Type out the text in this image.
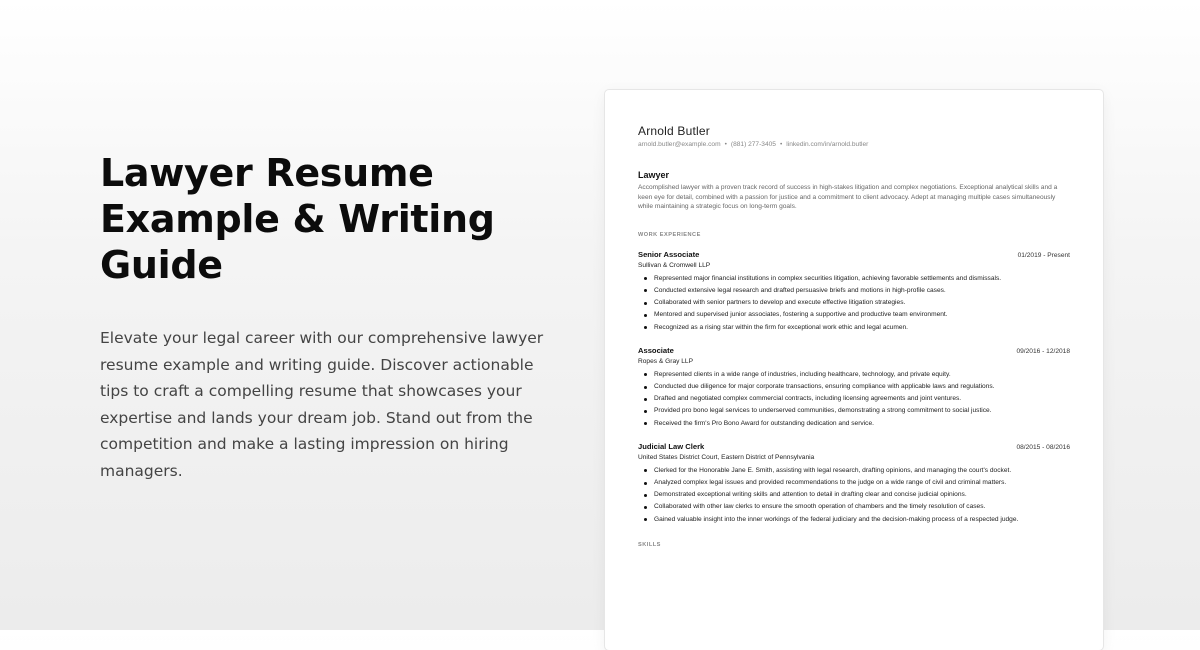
Lawyer Resume Example & Writing Guide

Elevate your legal career with our comprehensive lawyer resume example and writing guide. Discover actionable tips to craft a compelling resume that showcases your expertise and lands your dream job. Stand out from the competition and make a lasting impression on hiring managers.

Arnold Butler
arnold.butler@example.com • (881) 277-3405 • linkedin.com/in/arnold.butler
Lawyer
Accomplished lawyer with a proven track record of success in high-stakes litigation and complex negotiations. Exceptional analytical skills and a keen eye for detail, combined with a passion for justice and a commitment to client advocacy. Adept at managing multiple cases simultaneously while maintaining a strategic focus on long-term goals.
WORK EXPERIENCE
Senior Associate	01/2019 - Present
Sullivan & Cromwell LLP
Represented major financial institutions in complex securities litigation, achieving favorable settlements and dismissals.
Conducted extensive legal research and drafted persuasive briefs and motions in high-profile cases.
Collaborated with senior partners to develop and execute effective litigation strategies.
Mentored and supervised junior associates, fostering a supportive and productive team environment.
Recognized as a rising star within the firm for exceptional work ethic and legal acumen.
Associate	09/2016 - 12/2018
Ropes & Gray LLP
Represented clients in a wide range of industries, including healthcare, technology, and private equity.
Conducted due diligence for major corporate transactions, ensuring compliance with applicable laws and regulations.
Drafted and negotiated complex commercial contracts, including licensing agreements and joint ventures.
Provided pro bono legal services to underserved communities, demonstrating a strong commitment to social justice.
Received the firm's Pro Bono Award for outstanding dedication and service.
Judicial Law Clerk	08/2015 - 08/2016
United States District Court, Eastern District of Pennsylvania
Clerked for the Honorable Jane E. Smith, assisting with legal research, drafting opinions, and managing the court's docket.
Analyzed complex legal issues and provided recommendations to the judge on a wide range of civil and criminal matters.
Demonstrated exceptional writing skills and attention to detail in drafting clear and concise judicial opinions.
Collaborated with other law clerks to ensure the smooth operation of chambers and the timely resolution of cases.
Gained valuable insight into the inner workings of the federal judiciary and the decision-making process of a respected judge.
SKILLS
